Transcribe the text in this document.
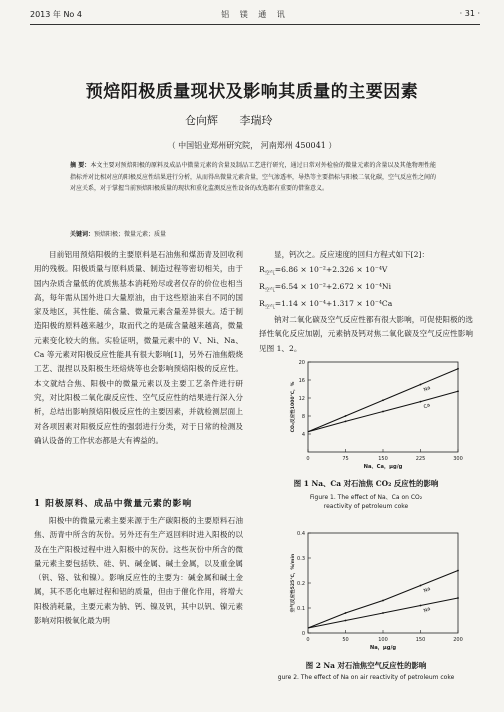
2013 年 No 4	铝 镁 通 讯	· 31 ·
预焙阳极质量现状及影响其质量的主要因素
仓向辉 李瑞玲
（ 中国铝业郑州研究院， 河南郑州 450041 ）
摘 要：本文主要对预焙阳极的原料及成品中微量元素的含量及制品工艺进行研究，通过日常对外检验的微量元素的含量以及其他物理性能指标并对比相对应的阳极反应性结果进行分析，从而得出微量元素含量，空气渗透率，导热等主要指标与阳极二氧化碳，空气反应性之间的对应关系，对于掌握当前预焙阳极质量的现状和重化监测反应性设备的改选都有重要的借鉴意义。
关键词：预焙阳极；微量元素；质量

目前铝用预焙阳极的主要原料是石油焦和煤沥青及回收利用的残极。阳极质量与原料质量、制造过程等密切相关，由于国内杂质含量低的优质焦基本消耗殆尽或者仅存的价位也相当高，每年需从国外进口大量原油，由于这些原油来自不同的国家及地区，其性能、硫含量、微量元素含量差异很大。适于制造阳极的原料越来越少，取而代之的是硫含量越来越高，微量元素变化较大的焦。实验证明，微量元素中的 V、Ni、Na、Ca 等元素对阳极反应性能具有很大影响[1]，另外石油焦煅烧工艺、混捏以及阳极生坯焙烧等也会影响预焙阳极的反应性。本文就结合焦、阳极中的微量元素以及主要工艺条件进行研究，对比阳极二氧化碳反应性、空气反应性的结果进行深入分析，总结出影响预焙阳极反应性的主要因素，并就检测层面上对各项因素对阳极反应性的强弱进行分类，对于日常的检测及确认设备的工作状态都是大有裨益的。

1 阳极原料、成品中微量元素的影响

阳极中的微量元素主要来源于生产碳阳极的主要原料石油焦、沥青中所含的灰份。另外还有生产返回料时进入阳极的以及在生产阳极过程中进入阳极中的灰份。这些灰份中所含的微量元素主要包括铁、硅、钒、碱金属、碱土金属，以及重金属（钒、铬、钛和镍）。影响反应性的主要为：碱金属和碱土金属，其不恶化电解过程和铝的质量，但由于催化作用，将增大阳极消耗量，主要元素为钠、钙、镍及钒，其中以钒、镍元素影响对阳极氧化最为明

显，钙次之。反应速度的回归方程式如下[2]：

$R_{空气}=6.86 \times 10^{-2}+2.326 \times 10^{-4}V$
$R_{空气}=6.54 \times 10^{-2}+2.672 \times 10^{-4}Ni$
$R_{空气}=1.14 \times 10^{-4}+1.317 \times 10^{-4}Ca$

钠对二氧化碳及空气反应性都有很大影响，可促使阳极的选择性氧化反应加剧，元素钠及钙对焦二氧化碳及空气反应性影响见图 1、2。

0	75	150	225	300
4
8
12
16
20
Na、Ca，μg/g
CO₂反应性1000℃，%	Na
Ca
图 1 Na、Ca 对石油焦 CO₂ 反应性的影响
Figure 1. The effect of Na、Ca on CO₂
reactivity of petroleum coke
0	50	100	150	200
0
0.1
0.2
0.3
0.4
Na，μg/g
空气反应性525℃，%/min	Na
Na
图 2 Na 对石油焦空气反应性的影响
gure 2. The effect of Na on air reactivity of petroleum coke
